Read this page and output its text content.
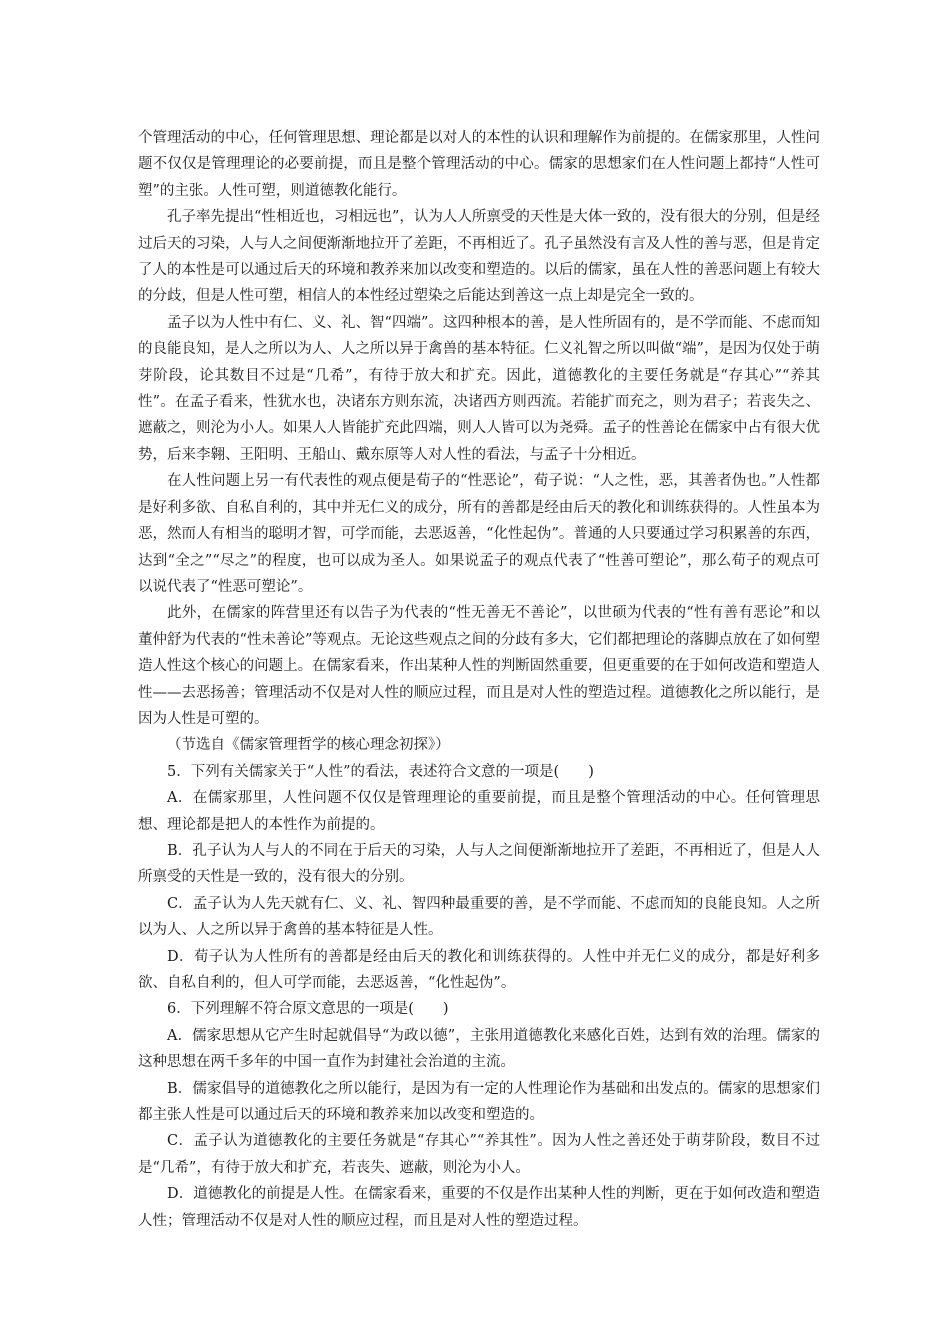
个管理活动的中心，任何管理思想、理论都是以对人的本性的认识和理解作为前提的。在儒家那里，人性问题不仅仅是管理理论的必要前提，而且是整个管理活动的中心。儒家的思想家们在人性问题上都持“人性可塑”的主张。人性可塑，则道德教化能行。

孔子率先提出“性相近也，习相远也”，认为人人所禀受的天性是大体一致的，没有很大的分别，但是经过后天的习染，人与人之间便渐渐地拉开了差距，不再相近了。孔子虽然没有言及人性的善与恶，但是肯定了人的本性是可以通过后天的环境和教养来加以改变和塑造的。以后的儒家，虽在人性的善恶问题上有较大的分歧，但是人性可塑，相信人的本性经过塑染之后能达到善这一点上却是完全一致的。

孟子以为人性中有仁、义、礼、智“四端”。这四种根本的善，是人性所固有的，是不学而能、不虑而知的良能良知，是人之所以为人、人之所以异于禽兽的基本特征。仁义礼智之所以叫做“端”，是因为仅处于萌芽阶段，论其数目不过是“几希”，有待于放大和扩充。因此，道德教化的主要任务就是“存其心”“养其性”。在孟子看来，性犹水也，决诸东方则东流，决诸西方则西流。若能扩而充之，则为君子；若丧失之、遮蔽之，则沦为小人。如果人人皆能扩充此四端，则人人皆可以为尧舜。孟子的性善论在儒家中占有很大优势，后来李翱、王阳明、王船山、戴东原等人对人性的看法，与孟子十分相近。

在人性问题上另一有代表性的观点便是荀子的“性恶论”，荀子说：“人之性，恶，其善者伪也。”人性都是好利多欲、自私自利的，其中并无仁义的成分，所有的善都是经由后天的教化和训练获得的。人性虽本为恶，然而人有相当的聪明才智，可学而能，去恶返善，“化性起伪”。普通的人只要通过学习积累善的东西，达到“全之”“尽之”的程度，也可以成为圣人。如果说孟子的观点代表了“性善可塑论”，那么荀子的观点可以说代表了“性恶可塑论”。

此外，在儒家的阵营里还有以告子为代表的“性无善无不善论”，以世硕为代表的“性有善有恶论”和以董仲舒为代表的“性未善论”等观点。无论这些观点之间的分歧有多大，它们都把理论的落脚点放在了如何塑造人性这个核心的问题上。在儒家看来，作出某种人性的判断固然重要，但更重要的在于如何改造和塑造人性——去恶扬善；管理活动不仅是对人性的顺应过程，而且是对人性的塑造过程。道德教化之所以能行，是因为人性是可塑的。

（节选自《儒家管理哲学的核心理念初探》）

5．下列有关儒家关于“人性”的看法，表述符合文意的一项是(　　)

A．在儒家那里，人性问题不仅仅是管理理论的重要前提，而且是整个管理活动的中心。任何管理思想、理论都是把人的本性作为前提的。

B．孔子认为人与人的不同在于后天的习染，人与人之间便渐渐地拉开了差距，不再相近了，但是人人所禀受的天性是一致的，没有很大的分别。

C．孟子认为人先天就有仁、义、礼、智四种最重要的善，是不学而能、不虑而知的良能良知。人之所以为人、人之所以异于禽兽的基本特征是人性。

D．荀子认为人性所有的善都是经由后天的教化和训练获得的。人性中并无仁义的成分，都是好利多欲、自私自利的，但人可学而能，去恶返善，“化性起伪”。

6．下列理解不符合原文意思的一项是(　　)

A．儒家思想从它产生时起就倡导“为政以德”，主张用道德教化来感化百姓，达到有效的治理。儒家的这种思想在两千多年的中国一直作为封建社会治道的主流。

B．儒家倡导的道德教化之所以能行，是因为有一定的人性理论作为基础和出发点的。儒家的思想家们都主张人性是可以通过后天的环境和教养来加以改变和塑造的。

C．孟子认为道德教化的主要任务就是“存其心”“养其性”。因为人性之善还处于萌芽阶段，数目不过是“几希”，有待于放大和扩充，若丧失、遮蔽，则沦为小人。

D．道德教化的前提是人性。在儒家看来，重要的不仅是作出某种人性的判断，更在于如何改造和塑造人性；管理活动不仅是对人性的顺应过程，而且是对人性的塑造过程。
